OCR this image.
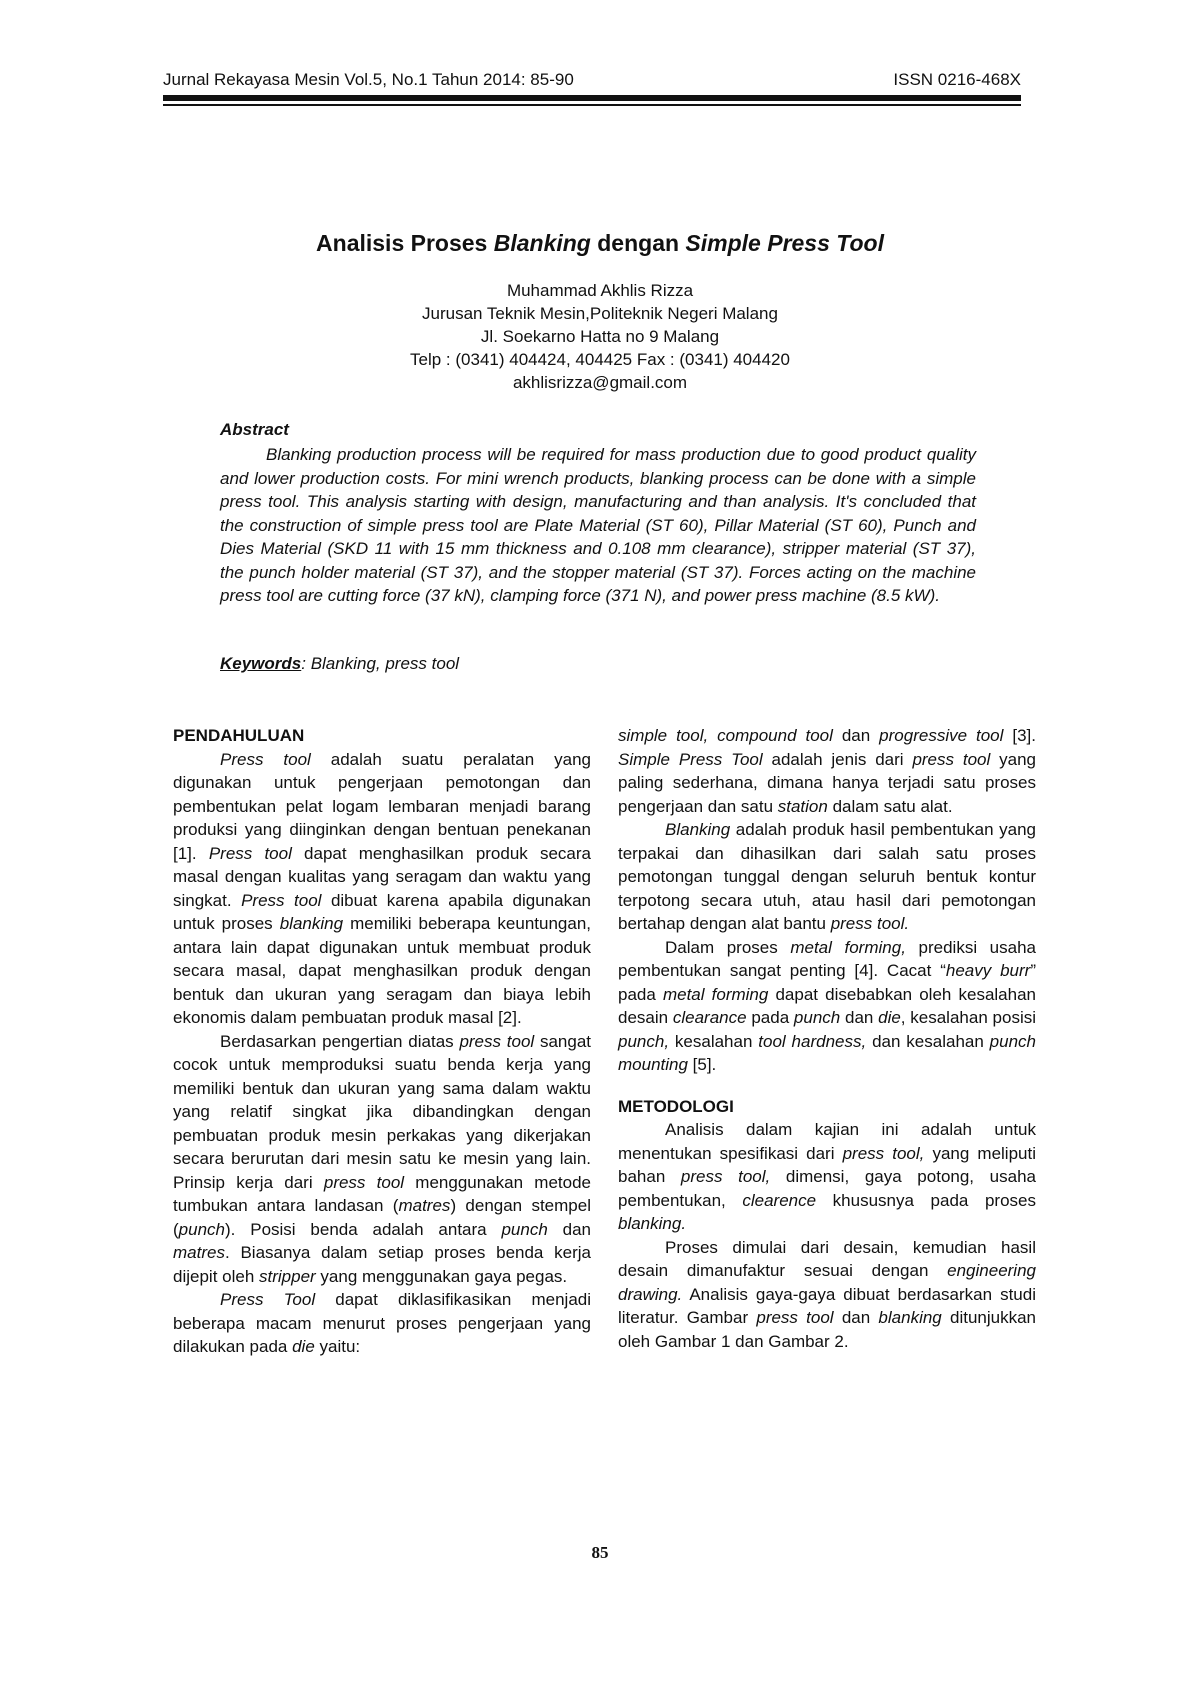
Jurnal Rekayasa Mesin Vol.5, No.1 Tahun 2014: 85-90	ISSN 0216-468X
Analisis Proses Blanking dengan Simple Press Tool
Muhammad Akhlis Rizza
Jurusan Teknik Mesin,Politeknik Negeri Malang
Jl. Soekarno Hatta no 9 Malang
Telp : (0341) 404424, 404425 Fax : (0341) 404420
akhlisrizza@gmail.com
Abstract
Blanking production process will be required for mass production due to good product quality and lower production costs. For mini wrench products, blanking process can be done with a simple press tool. This analysis starting with design, manufacturing and than analysis. It's concluded that the construction of simple press tool are Plate Material (ST 60), Pillar Material (ST 60), Punch and Dies Material (SKD 11 with 15 mm thickness and 0.108 mm clearance), stripper material (ST 37), the punch holder material (ST 37), and the stopper material (ST 37). Forces acting on the machine press tool are cutting force (37 kN), clamping force (371 N), and power press machine (8.5 kW).
Keywords: Blanking, press tool
PENDAHULUAN

Press tool adalah suatu peralatan yang digunakan untuk pengerjaan pemotongan dan pembentukan pelat logam lembaran menjadi barang produksi yang diinginkan dengan bentuan penekanan [1]. Press tool dapat menghasilkan produk secara masal dengan kualitas yang seragam dan waktu yang singkat. Press tool dibuat karena apabila digunakan untuk proses blanking memiliki beberapa keuntungan, antara lain dapat digunakan untuk membuat produk secara masal, dapat menghasilkan produk dengan bentuk dan ukuran yang seragam dan biaya lebih ekonomis dalam pembuatan produk masal [2].

Berdasarkan pengertian diatas press tool sangat cocok untuk memproduksi suatu benda kerja yang memiliki bentuk dan ukuran yang sama dalam waktu yang relatif singkat jika dibandingkan dengan pembuatan produk mesin perkakas yang dikerjakan secara berurutan dari mesin satu ke mesin yang lain. Prinsip kerja dari press tool menggunakan metode tumbukan antara landasan (matres) dengan stempel (punch). Posisi benda adalah antara punch dan matres. Biasanya dalam setiap proses benda kerja dijepit oleh stripper yang menggunakan gaya pegas.

Press Tool dapat diklasifikasikan menjadi beberapa macam menurut proses pengerjaan yang dilakukan pada die yaitu:

simple tool, compound tool dan progressive tool [3]. Simple Press Tool adalah jenis dari press tool yang paling sederhana, dimana hanya terjadi satu proses pengerjaan dan satu station dalam satu alat.

Blanking adalah produk hasil pembentukan yang terpakai dan dihasilkan dari salah satu proses pemotongan tunggal dengan seluruh bentuk kontur terpotong secara utuh, atau hasil dari pemotongan bertahap dengan alat bantu press tool.

Dalam proses metal forming, prediksi usaha pembentukan sangat penting [4]. Cacat “heavy burr” pada metal forming dapat disebabkan oleh kesalahan desain clearance pada punch dan die, kesalahan posisi punch, kesalahan tool hardness, dan kesalahan punch mounting [5].

METODOLOGI

Analisis dalam kajian ini adalah untuk menentukan spesifikasi dari press tool, yang meliputi bahan press tool, dimensi, gaya potong, usaha pembentukan, clearence khususnya pada proses blanking.

Proses dimulai dari desain, kemudian hasil desain dimanufaktur sesuai dengan engineering drawing. Analisis gaya-gaya dibuat berdasarkan studi literatur. Gambar press tool dan blanking ditunjukkan oleh Gambar 1 dan Gambar 2.

85
